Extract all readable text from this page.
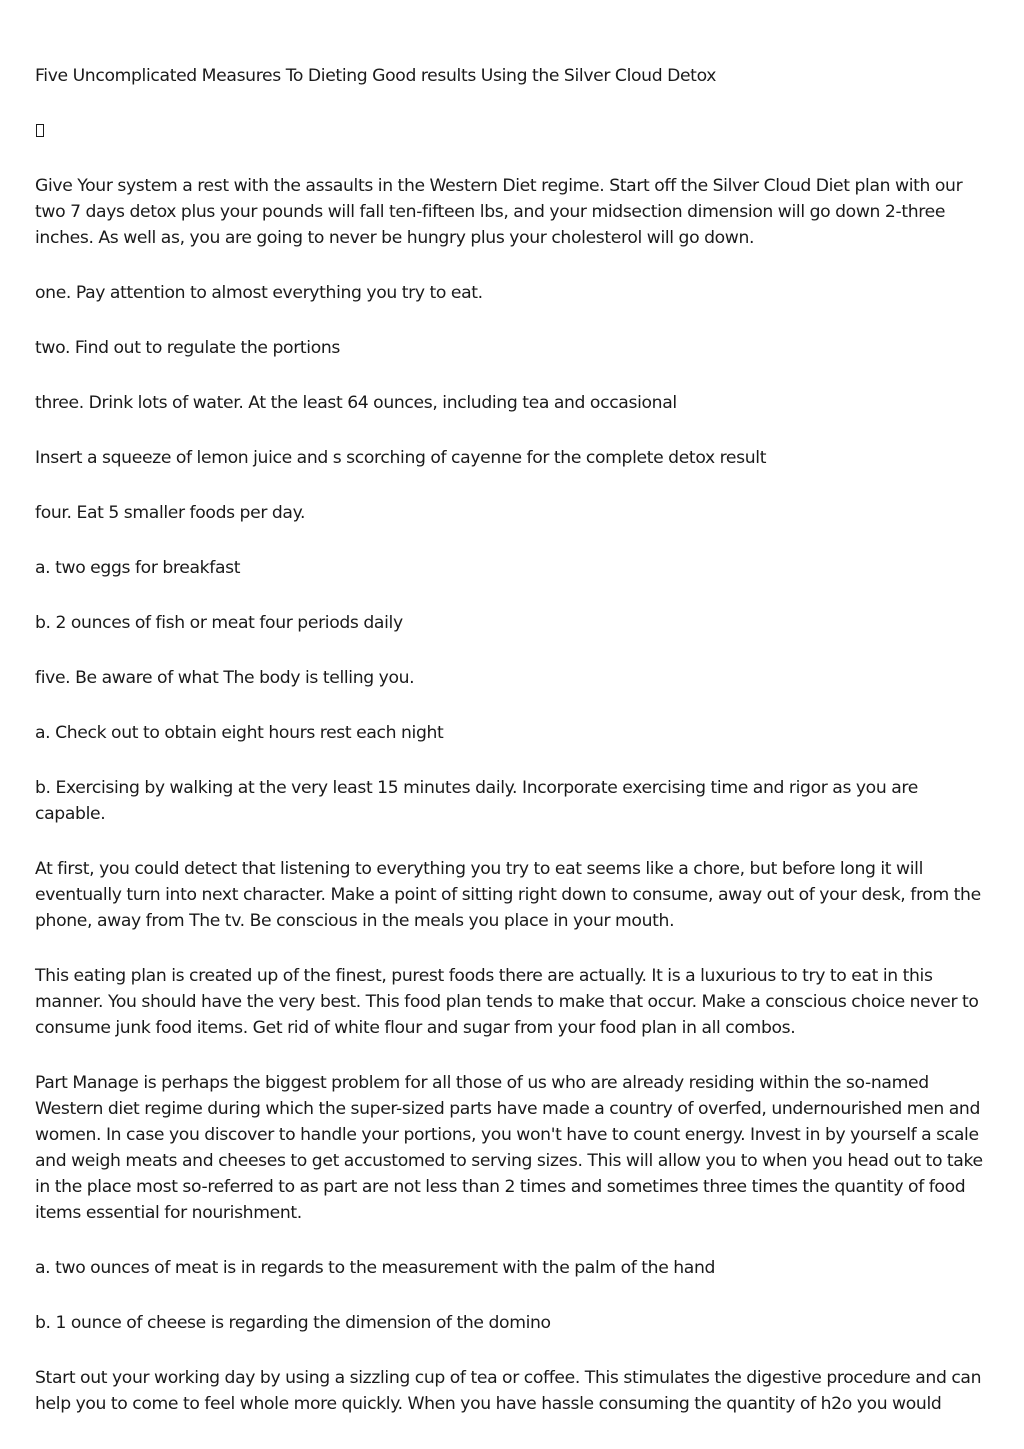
Five Uncomplicated Measures To Dieting Good results Using the Silver Cloud Detox

Give Your system a rest with the assaults in the Western Diet regime. Start off the Silver Cloud Diet plan with our two 7 days detox plus your pounds will fall ten-fifteen lbs, and your midsection dimension will go down 2-three inches. As well as, you are going to never be hungry plus your cholesterol will go down.

one. Pay attention to almost everything you try to eat.

two. Find out to regulate the portions

three. Drink lots of water. At the least 64 ounces, including tea and occasional

Insert a squeeze of lemon juice and s scorching of cayenne for the complete detox result

four. Eat 5 smaller foods per day.

a. two eggs for breakfast

b. 2 ounces of fish or meat four periods daily

five. Be aware of what The body is telling you.

a. Check out to obtain eight hours rest each night

b. Exercising by walking at the very least 15 minutes daily. Incorporate exercising time and rigor as you are capable.

At first, you could detect that listening to everything you try to eat seems like a chore, but before long it will eventually turn into next character. Make a point of sitting right down to consume, away out of your desk, from the phone, away from The tv. Be conscious in the meals you place in your mouth.

This eating plan is created up of the finest, purest foods there are actually. It is a luxurious to try to eat in this manner. You should have the very best. This food plan tends to make that occur. Make a conscious choice never to consume junk food items. Get rid of white flour and sugar from your food plan in all combos.

Part Manage is perhaps the biggest problem for all those of us who are already residing within the so-named Western diet regime during which the super-sized parts have made a country of overfed, undernourished men and women. In case you discover to handle your portions, you won't have to count energy. Invest in by yourself a scale and weigh meats and cheeses to get accustomed to serving sizes. This will allow you to when you head out to take in the place most so-referred to as part are not less than 2 times and sometimes three times the quantity of food items essential for nourishment.

a. two ounces of meat is in regards to the measurement with the palm of the hand

b. 1 ounce of cheese is regarding the dimension of the domino

Start out your working day by using a sizzling cup of tea or coffee. This stimulates the digestive procedure and can help you to come to feel whole more quickly. When you have hassle consuming the quantity of h2o you would
